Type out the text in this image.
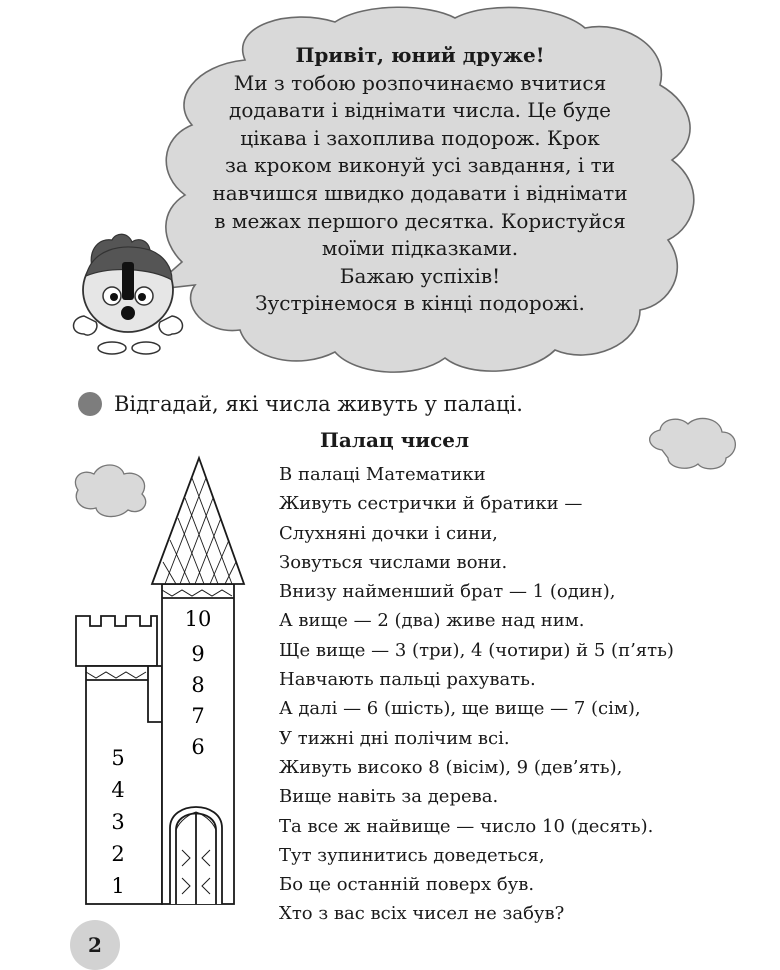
10
9
8
7
6
5
4
3
2
1
Привіт, юний друже!
Ми з тобою розпочинаємо вчитися
додавати і віднімати числа. Це буде
цікава і захоплива подорож. Крок
за кроком виконуй усі завдання, і ти
навчишся швидко додавати і віднімати
в межах першого десятка. Користуйся
моїми підказками.
Бажаю успіхів!
Зустрінемося в кінці подорожі.
Відгадай, які числа живуть у палаці.
Палац чисел
В палаці Математики
Живуть сестрички й братики —
Слухняні дочки і сини,
Зовуться числами вони.
Внизу найменший брат — 1 (один),
А вище — 2 (два) живе над ним.
Ще вище — 3 (три), 4 (чотири) й 5 (п’ять)
Навчають пальці рахувать.
А далі — 6 (шість), ще вище — 7 (сім),
У тижні дні полічим всі.
Живуть високо 8 (вісім), 9 (дев’ять),
Вище навіть за дерева.
Та все ж найвище — число 10 (десять).
Тут зупинитись доведеться,
Бо це останній поверх був.
Хто з вас всіх чисел не забув?
2
